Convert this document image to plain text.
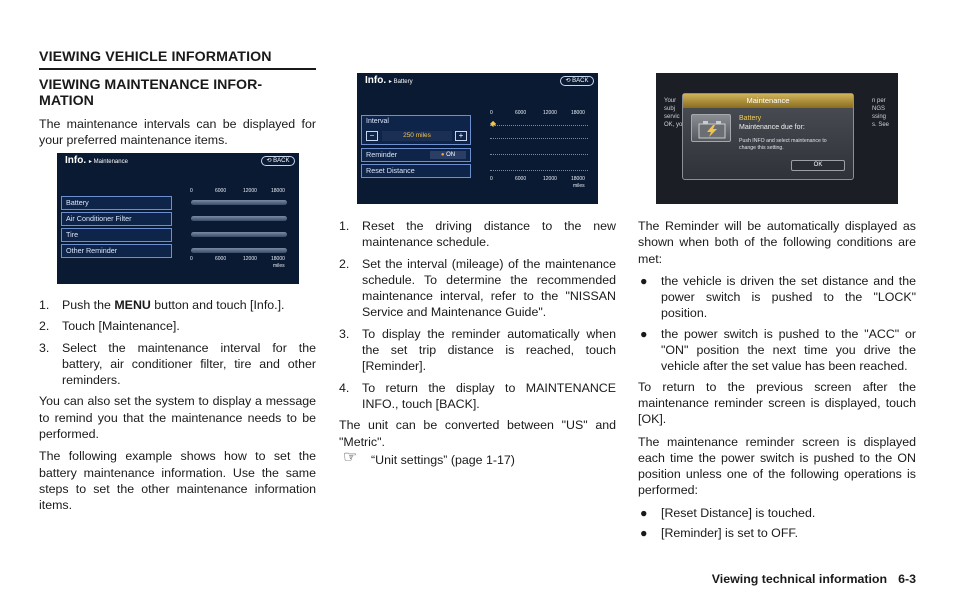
VIEWING VEHICLE INFORMATION
VIEWING MAINTENANCE INFOR-
MATION

The maintenance intervals can be displayed for your preferred maintenance items.

Info. ▸ Maintenance	⟲ BACK
0	6000	12000	18000
Battery
Air Conditioner Filter
Tire
Other Reminder
0	6000	12000	18000
miles
1. Push the MENU button and touch [Info.].
2. Touch [Maintenance].
3. Select the maintenance interval for the battery, air conditioner filter, tire and other reminders.

You can also set the system to display a message to remind you that the maintenance needs to be performed.

The following example shows how to set the battery maintenance information. Use the same steps to set the other maintenance information items.

Info. ▸ Battery	⟲ BACK
0	6000	12000	18000
Interval
−	250 miles	+
Reminder	● ON
Reset Distance
◆
0	6000	12000	18000
miles
1. Reset the driving distance to the new maintenance schedule.
2. Set the interval (mileage) of the maintenance schedule. To determine the recommended maintenance interval, refer to the "NISSAN Service and Maintenance Guide".
3. To display the reminder automatically when the set trip distance is reached, touch [Reminder].
4. To return the display to MAINTENANCE INFO., touch [BACK].

The unit can be converted between "US" and "Metric".

☞ “Unit settings” (page 1-17)
Your
subj
servic
OK, yo
n per
NGS
ssing
s. See
Maintenance
Battery
Maintenance due for:
Push INFO and select maintenance to
change this setting.
OK

The Reminder will be automatically displayed as shown when both of the following conditions are met:

● the vehicle is driven the set distance and the power switch is pushed to the "LOCK" position.
● the power switch is pushed to the "ACC" or "ON" position the next time you drive the vehicle after the set value has been reached.

To return to the previous screen after the maintenance reminder screen is displayed, touch [OK].

The maintenance reminder screen is displayed each time the power switch is pushed to the ON position unless one of the following operations is performed:

● [Reset Distance] is touched.
● [Reminder] is set to OFF.
Viewing technical information 6-3
